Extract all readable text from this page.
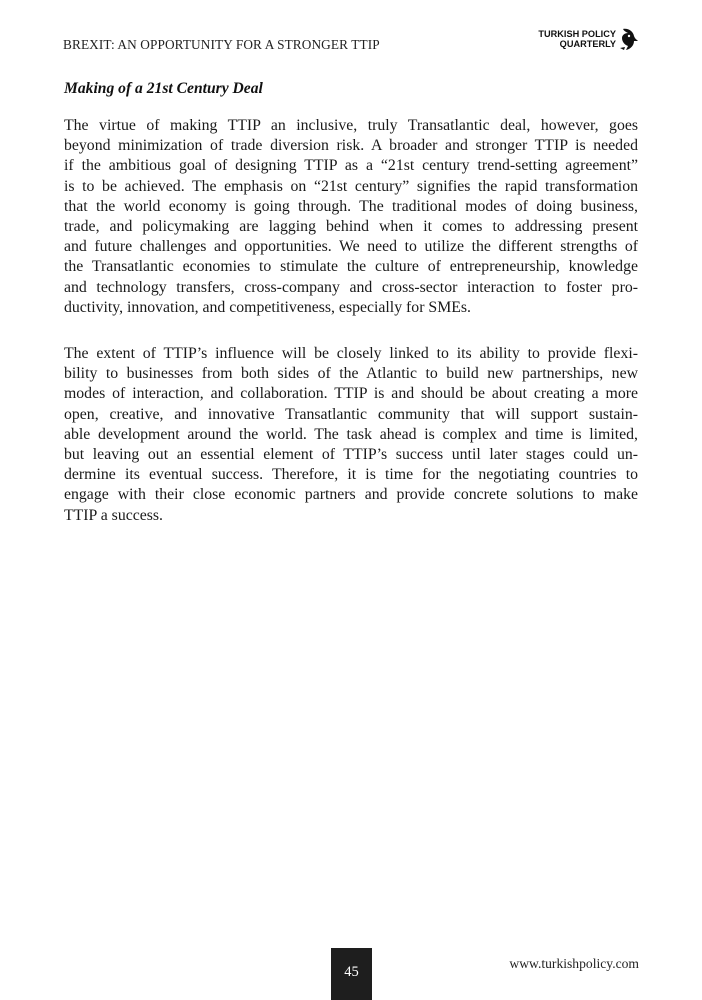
BREXIT: AN OPPORTUNITY FOR A STRONGER TTIP
TURKISH POLICY
QUARTERLY
Making of a 21st Century Deal
The virtue of making TTIP an inclusive, truly Transatlantic deal, however, goes
beyond minimization of trade diversion risk. A broader and stronger TTIP is needed
if the ambitious goal of designing TTIP as a “21st century trend-setting agreement”
is to be achieved. The emphasis on “21st century” signifies the rapid transformation
that the world economy is going through. The traditional modes of doing business,
trade, and policymaking are lagging behind when it comes to addressing present
and future challenges and opportunities. We need to utilize the different strengths of
the Transatlantic economies to stimulate the culture of entrepreneurship, knowledge
and technology transfers, cross-company and cross-sector interaction to foster pro-
ductivity, innovation, and competitiveness, especially for SMEs.
The extent of TTIP’s influence will be closely linked to its ability to provide flexi-
bility to businesses from both sides of the Atlantic to build new partnerships, new
modes of interaction, and collaboration. TTIP is and should be about creating a more
open, creative, and innovative Transatlantic community that will support sustain-
able development around the world. The task ahead is complex and time is limited,
but leaving out an essential element of TTIP’s success until later stages could un-
dermine its eventual success. Therefore, it is time for the negotiating countries to
engage with their close economic partners and provide concrete solutions to make
TTIP a success.
45
www.turkishpolicy.com
